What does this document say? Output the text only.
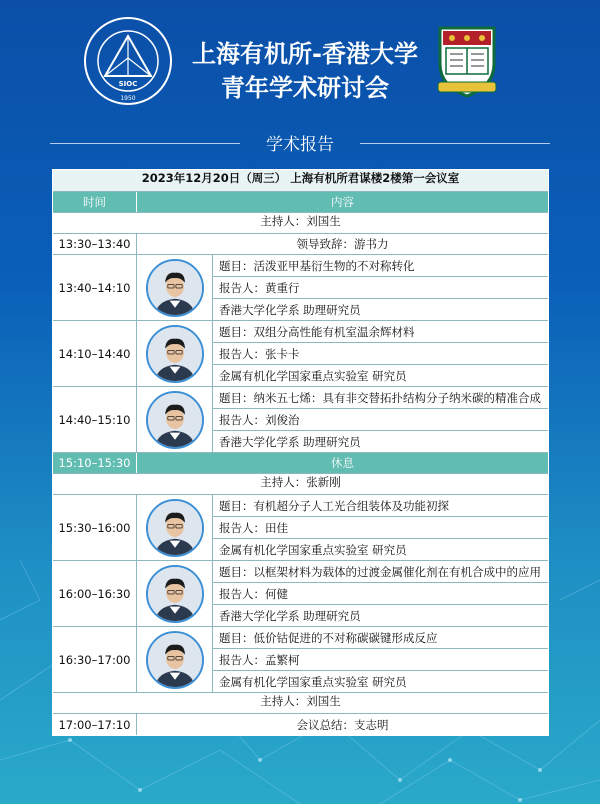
SIOC
1950
上海有机所-香港大学
青年学术研讨会
学术报告
2023年12月20日（周三） 上海有机所君谋楼2楼第一会议室
时间	内容
主持人：刘国生
13:30–13:40	领导致辞：游书力
13:40–14:10
题目：活泼亚甲基衍生物的不对称转化
报告人：黄重行
香港大学化学系 助理研究员
14:10–14:40
题目：双组分高性能有机室温余辉材料
报告人：张卡卡
金属有机化学国家重点实验室 研究员
14:40–15:10
题目：纳米五七烯：具有非交替拓扑结构分子纳米碳的精准合成
报告人：刘俊治
香港大学化学系 助理研究员
15:10–15:30	休息
主持人：张新刚
15:30–16:00
题目：有机超分子人工光合组装体及功能初探
报告人：田佳
金属有机化学国家重点实验室 研究员
16:00–16:30
题目：以框架材料为载体的过渡金属催化剂在有机合成中的应用
报告人：何健
香港大学化学系 助理研究员
16:30–17:00
题目：低价钴促进的不对称碳碳键形成反应
报告人：孟繁柯
金属有机化学国家重点实验室 研究员
主持人：刘国生
17:00–17:10	会议总结：支志明
